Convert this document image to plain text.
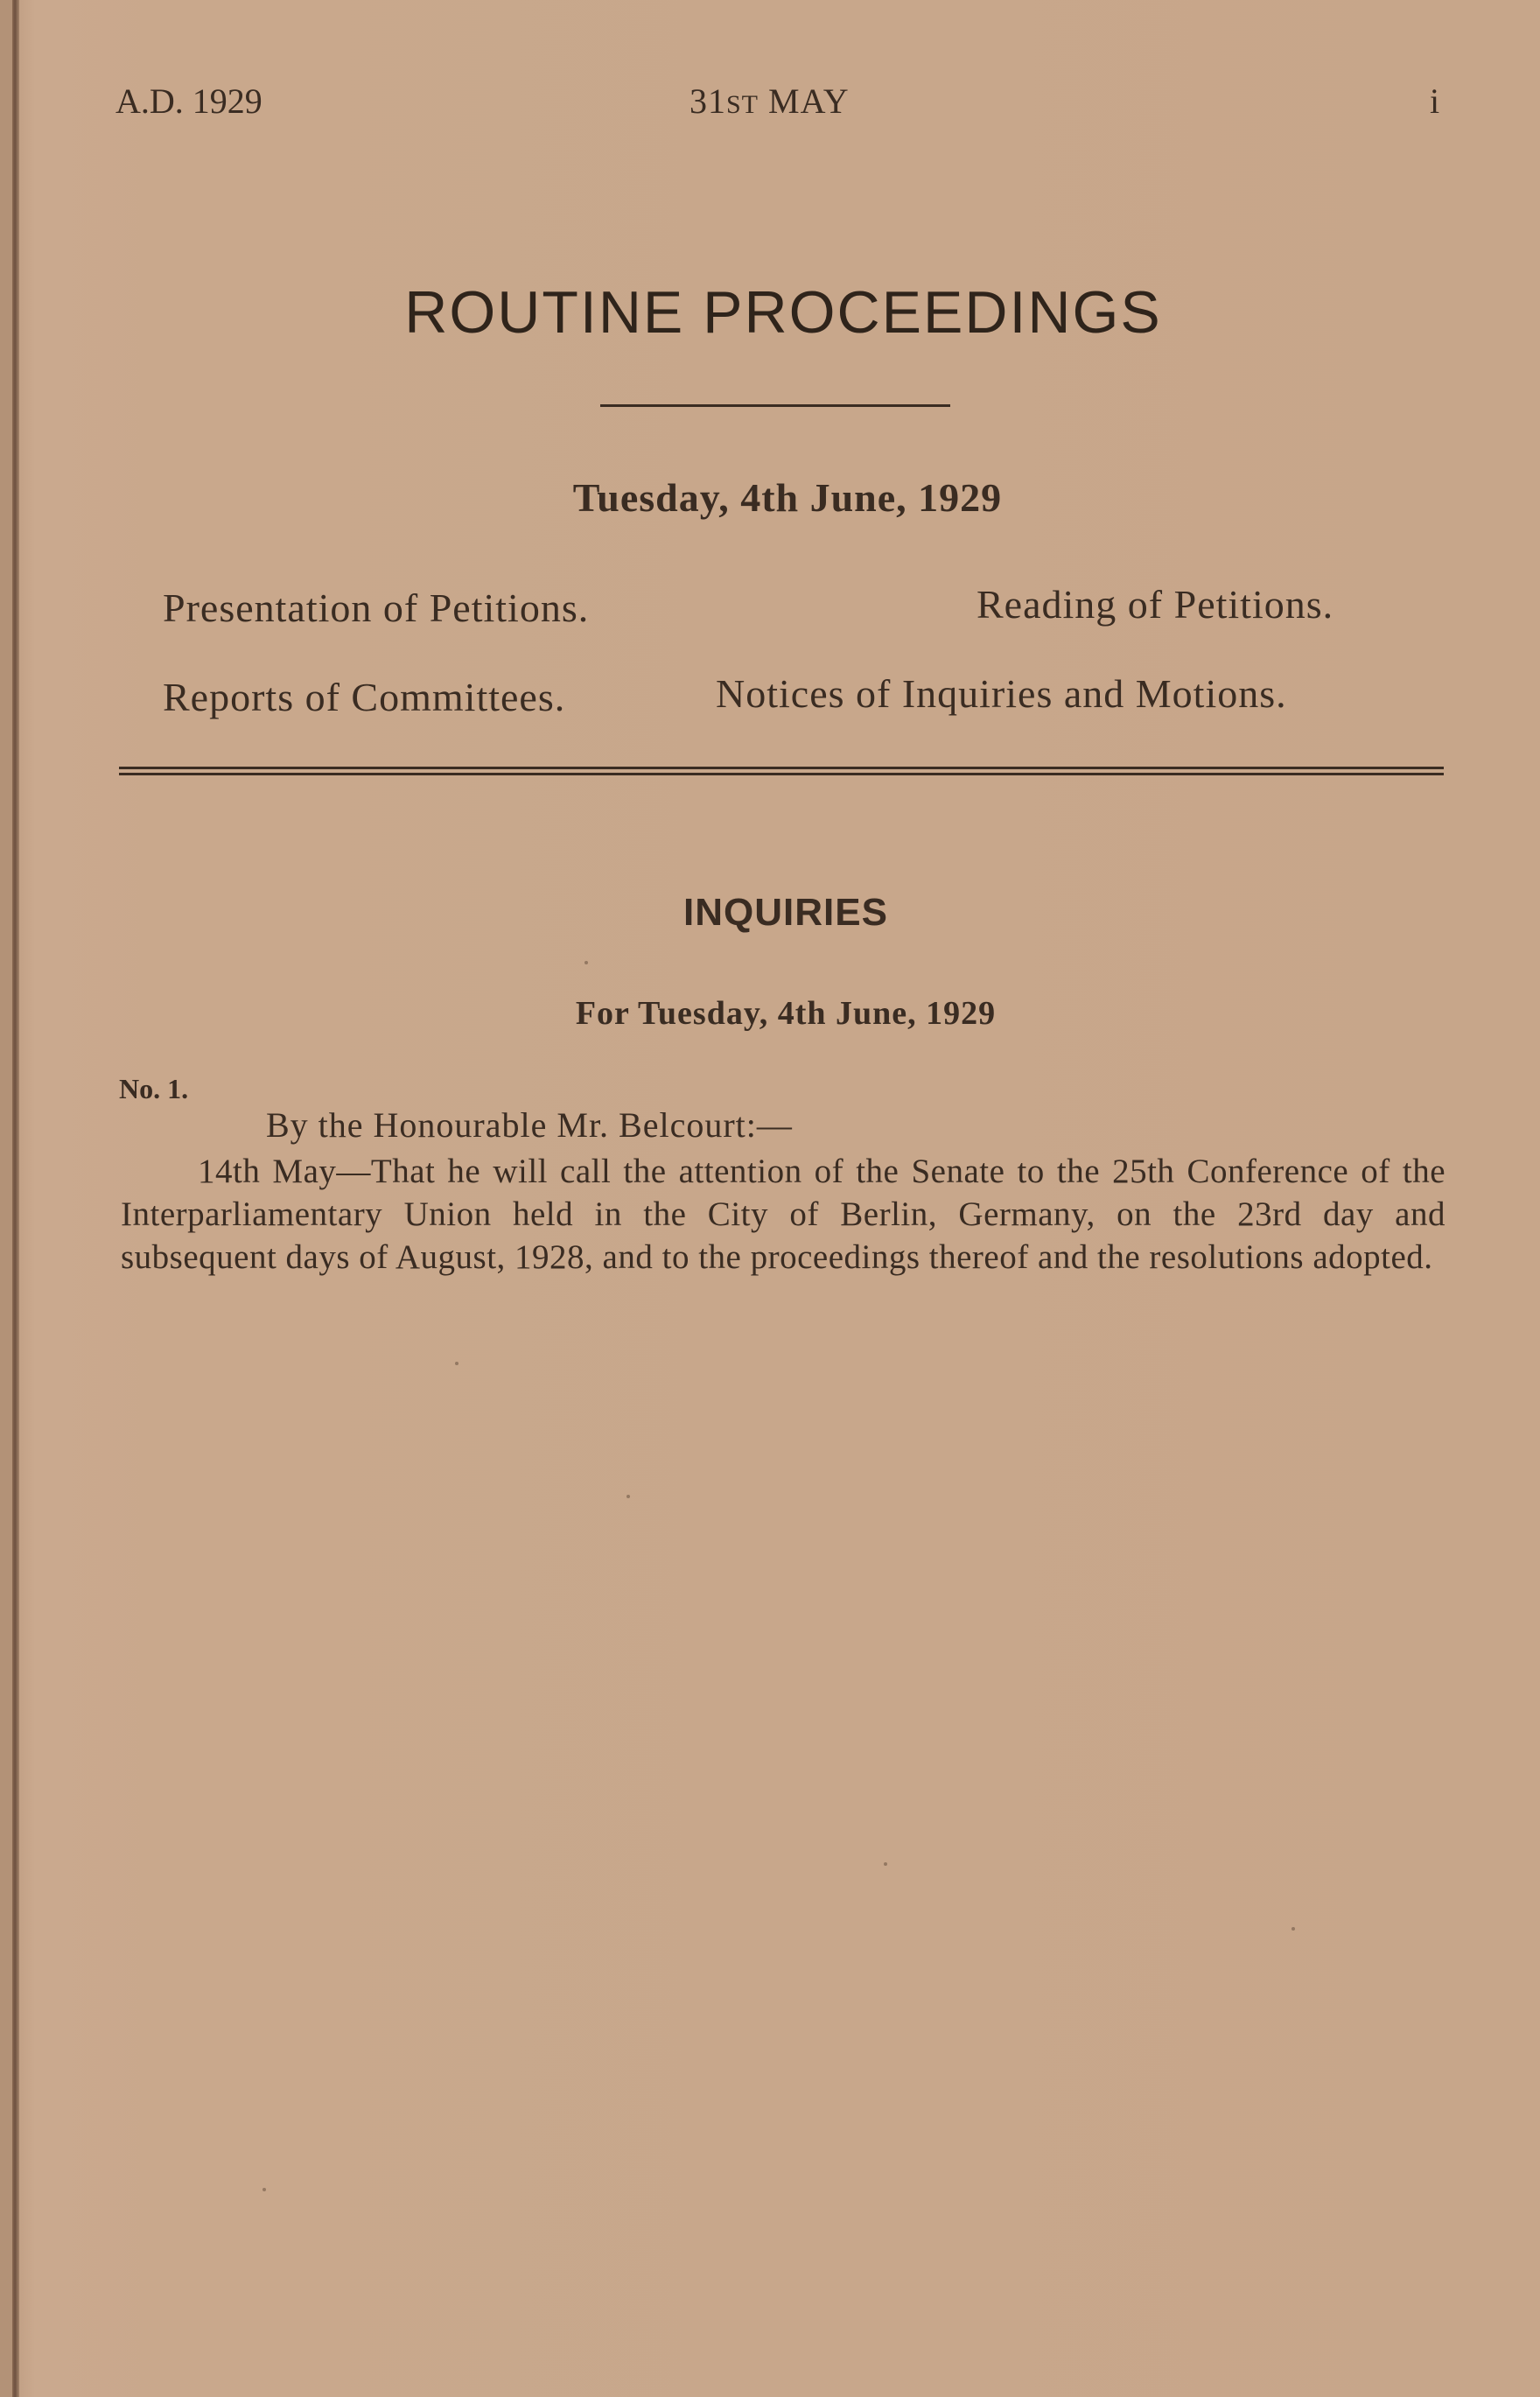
A.D. 1929	31ST MAY	i
ROUTINE PROCEEDINGS
Tuesday, 4th June, 1929
Presentation of Petitions.	Reading of Petitions.
Reports of Committees.	Notices of Inquiries and Motions.
INQUIRIES
For Tuesday, 4th June, 1929
No. 1.
By the Honourable Mr. Belcourt:—
14th May—That he will call the attention of the Senate to the 25th Conference of the Interparliamentary Union held in the City of Berlin, Germany, on the 23rd day and subsequent days of August, 1928, and to the proceedings thereof and the resolutions adopted.
